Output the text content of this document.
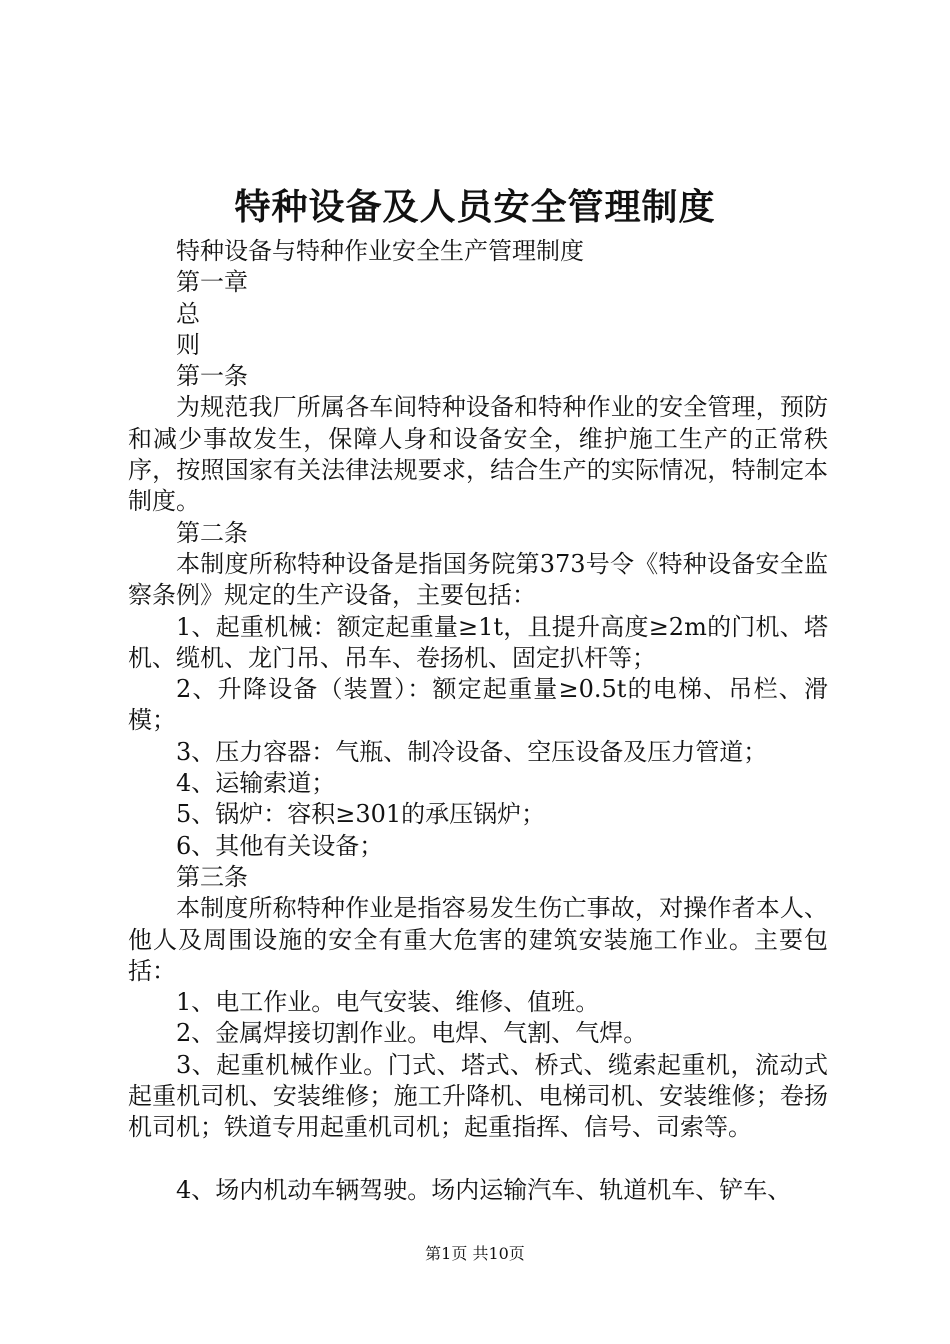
特种设备及人员安全管理制度

特种设备与特种作业安全生产管理制度

第一章

总

则

第一条

为规范我厂所属各车间特种设备和特种作业的安全管理，预防和减少事故发生，保障人身和设备安全，维护施工生产的正常秩序，按照国家有关法律法规要求，结合生产的实际情况，特制定本制度。

第二条

本制度所称特种设备是指国务院第373号令《特种设备安全监察条例》规定的生产设备，主要包括：

1、起重机械：额定起重量≥1t，且提升高度≥2m的门机、塔机、缆机、龙门吊、吊车、卷扬机、固定扒杆等；

2、升降设备（装置）：额定起重量≥0.5t的电梯、吊栏、滑模；

3、压力容器：气瓶、制冷设备、空压设备及压力管道；

4、运输索道；

5、锅炉：容积≥301的承压锅炉；

6、其他有关设备；

第三条

本制度所称特种作业是指容易发生伤亡事故，对操作者本人、他人及周围设施的安全有重大危害的建筑安装施工作业。主要包括：

1、电工作业。电气安装、维修、值班。

2、金属焊接切割作业。电焊、气割、气焊。

3、起重机械作业。门式、塔式、桥式、缆索起重机，流动式起重机司机、安装维修；施工升降机、电梯司机、安装维修；卷扬机司机；铁道专用起重机司机；起重指挥、信号、司索等。

4、场内机动车辆驾驶。场内运输汽车、轨道机车、铲车、

第1页 共10页
